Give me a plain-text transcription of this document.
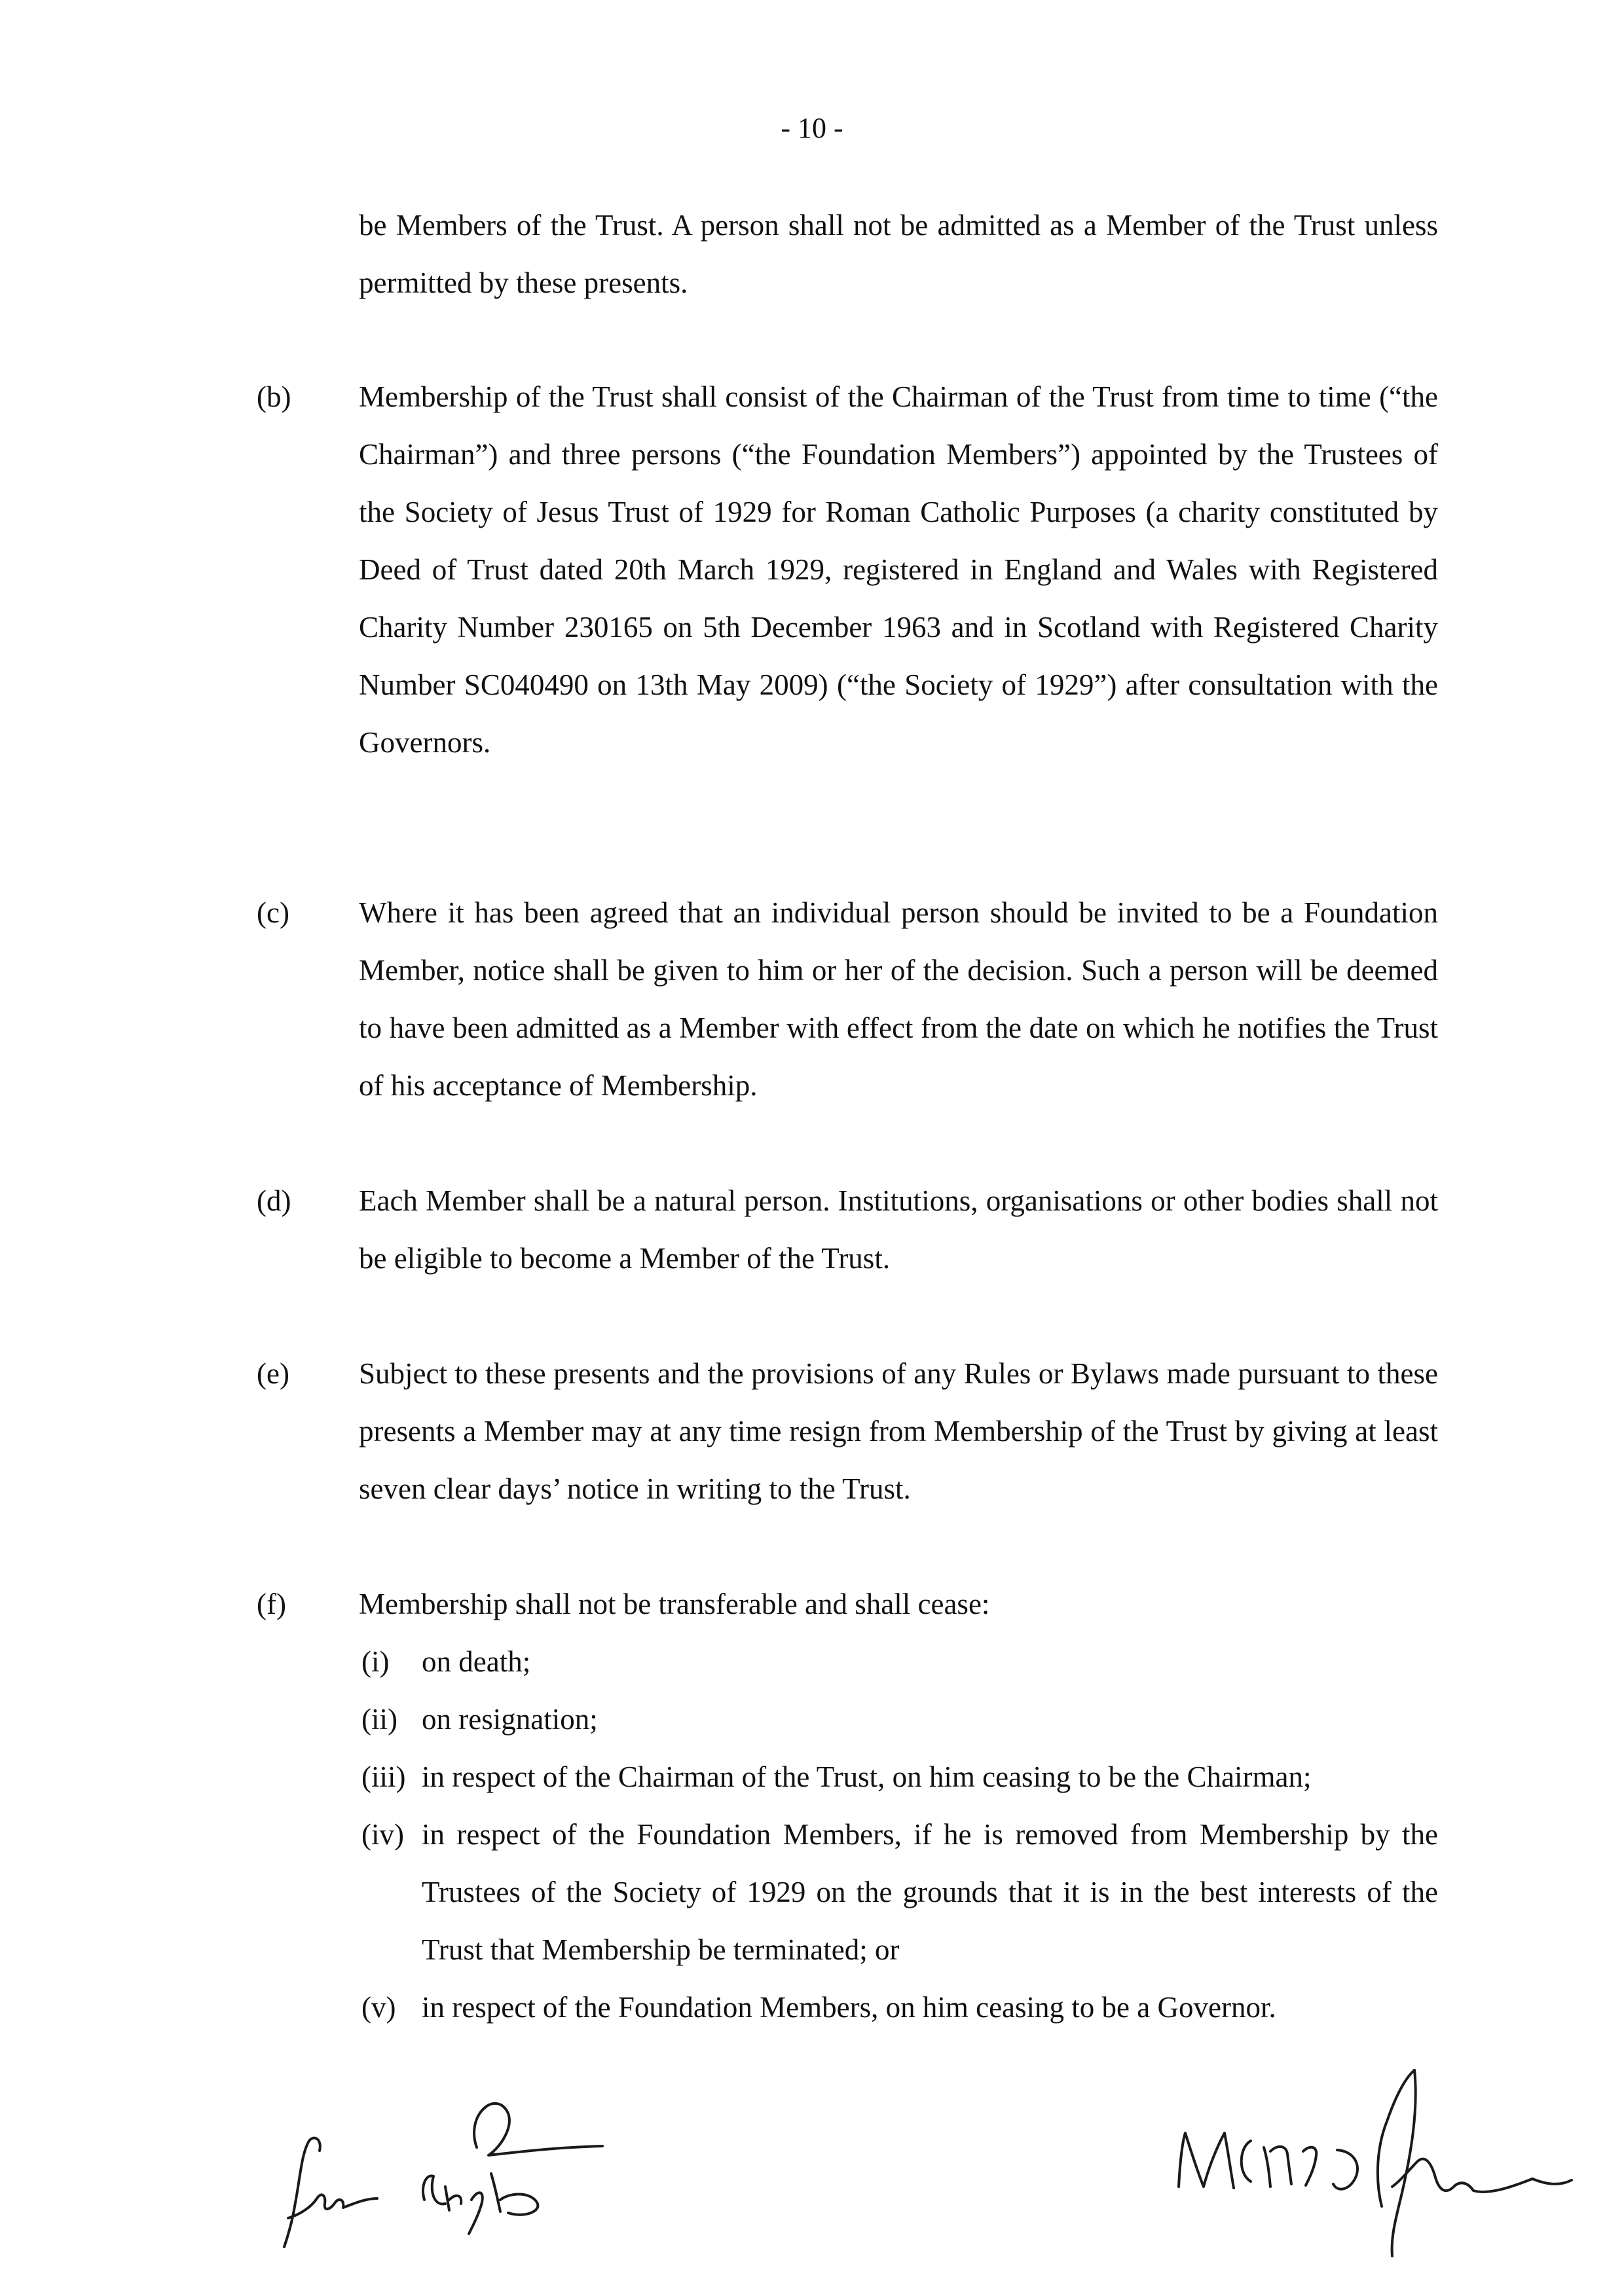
- 10 -
be Members of the Trust. A person shall not be admitted as a Member of the Trust unless permitted by these presents.
(b) Membership of the Trust shall consist of the Chairman of the Trust from time to time (“the Chairman”) and three persons (“the Foundation Members”) appointed by the Trustees of the Society of Jesus Trust of 1929 for Roman Catholic Purposes (a charity constituted by Deed of Trust dated 20th March 1929, registered in England and Wales with Registered Charity Number 230165 on 5th December 1963 and in Scotland with Registered Charity Number SC040490 on 13th May 2009) (“the Society of 1929”) after consultation with the Governors.
(c) Where it has been agreed that an individual person should be invited to be a Foundation Member, notice shall be given to him or her of the decision. Such a person will be deemed to have been admitted as a Member with effect from the date on which he notifies the Trust of his acceptance of Membership.
(d) Each Member shall be a natural person. Institutions, organisations or other bodies shall not be eligible to become a Member of the Trust.
(e) Subject to these presents and the provisions of any Rules or Bylaws made pursuant to these presents a Member may at any time resign from Membership of the Trust by giving at least seven clear days’ notice in writing to the Trust.
(f) Membership shall not be transferable and shall cease:
(i) on death;
(ii) on resignation;
(iii) in respect of the Chairman of the Trust, on him ceasing to be the Chairman;
(iv) in respect of the Foundation Members, if he is removed from Membership by the Trustees of the Society of 1929 on the grounds that it is in the best interests of the Trust that Membership be terminated; or
(v) in respect of the Foundation Members, on him ceasing to be a Governor.
